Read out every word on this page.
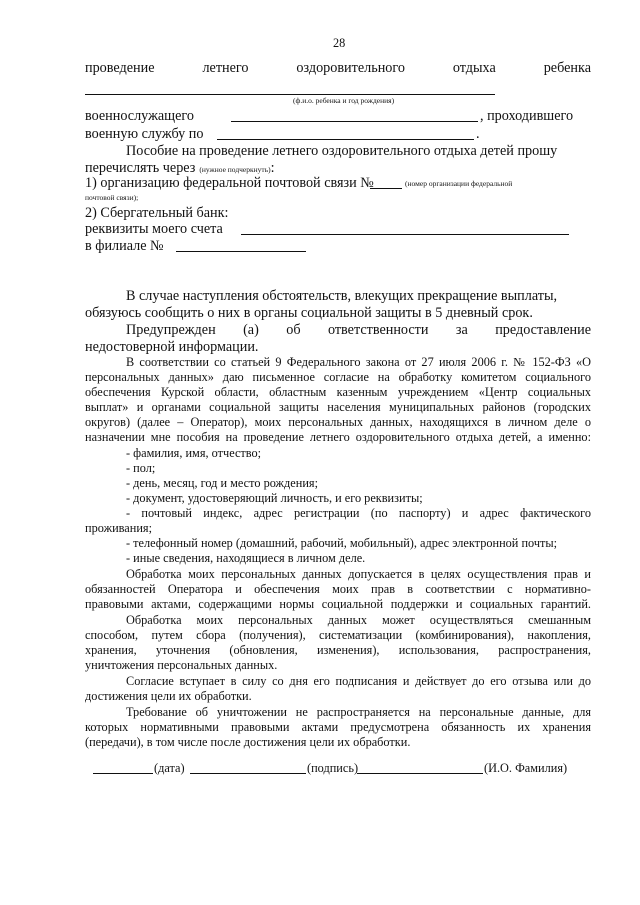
28
проведение	летнего	оздоровительного	отдыха	ребенка
(ф.и.о. ребенка и год рождения)
военнослужащего	, проходившего
военную службу по	.
Пособие на проведение летнего оздоровительного отдыха детей прошу
перечислять через (нужное подчеркнуть):
1) организацию федеральной почтовой связи №	(номер организации федеральной
почтовой связи);
2) Сбергательный банк:
реквизиты моего счета
в филиале №
В случае наступления обстоятельств, влекущих прекращение выплаты,
обязуюсь сообщить о них в органы социальной защиты в 5 дневный срок.
Предупрежден (а) об ответственности за предоставление
недостоверной информации.
В соответствии со статьей 9 Федерального закона от 27 июля 2006 г. № 152-ФЗ «О
персональных данных» даю письменное согласие на обработку комитетом социального
обеспечения Курской области, областным казенным учреждением «Центр социальных
выплат» и органами социальной защиты населения муниципальных районов (городских
округов) (далее – Оператор), моих персональных данных, находящихся в личном деле о
назначении мне пособия на проведение летнего оздоровительного отдыха детей, а именно:
- фамилия, имя, отчество;
- пол;
- день, месяц, год и место рождения;
- документ, удостоверяющий личность, и его реквизиты;
- почтовый индекс, адрес регистрации (по паспорту) и адрес фактического
проживания;
- телефонный номер (домашний, рабочий, мобильный), адрес электронной почты;
- иные сведения, находящиеся в личном деле.
Обработка моих персональных данных допускается в целях осуществления прав и
обязанностей Оператора и обеспечения моих прав в соответствии с нормативно-
правовыми актами, содержащими нормы социальной поддержки и социальных гарантий.
Обработка моих персональных данных может осуществляться смешанным
способом, путем сбора (получения), систематизации (комбинирования), накопления,
хранения, уточнения (обновления, изменения), использования, распространения,
уничтожения персональных данных.
Согласие вступает в силу со дня его подписания и действует до его отзыва или до
достижения цели их обработки.
Требование об уничтожении не распространяется на персональные данные, для
которых нормативными правовыми актами предусмотрена обязанность их хранения
(передачи), в том числе после достижения цели их обработки.
(дата)	(подпись)	(И.О. Фамилия)
